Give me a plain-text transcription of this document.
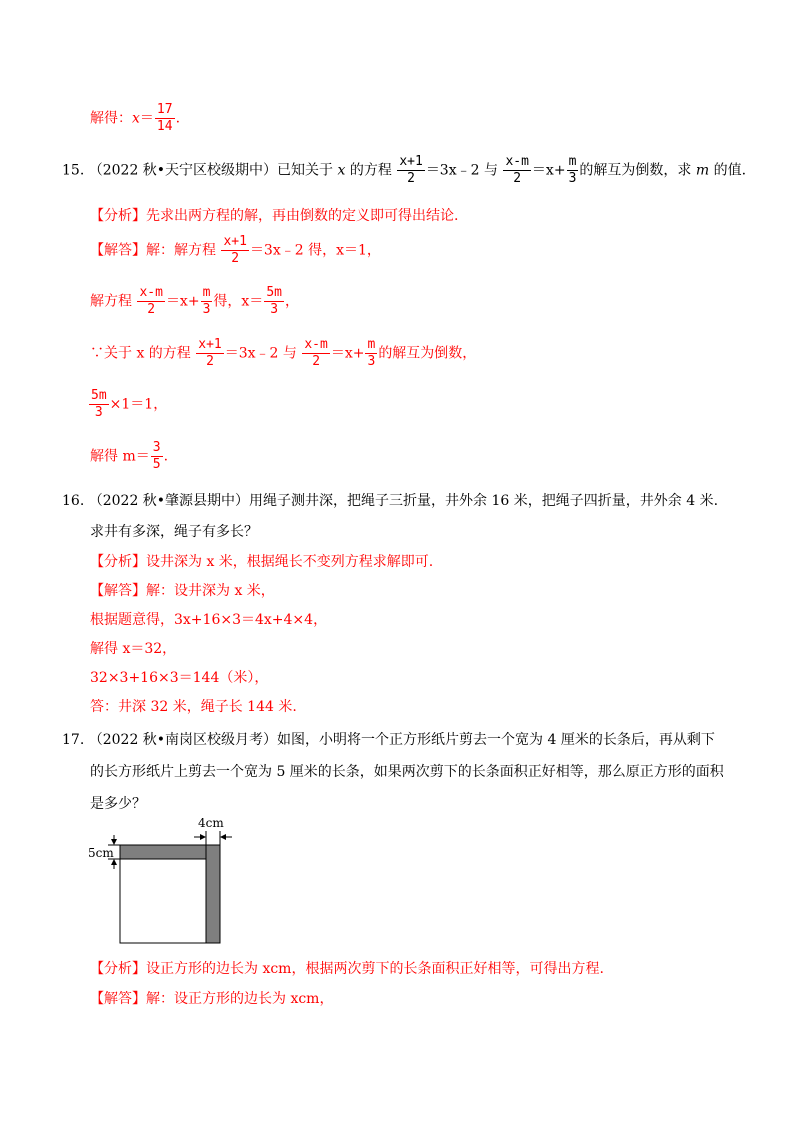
解得：$x= \frac{17}{14}$ .
15. （2022 秋•天宁区校级期中）已知关于 x 的方程 $\frac{x+1}{2}$ ＝3x﹣2 与 $\frac{x-m}{2} =x+ \frac{m}{3}$ 的解互为倒数，求 m 的值.
【分析】先求出两方程的解，再由倒数的定义即可得出结论.
【解答】解：解方程 $\frac{x+1}{2}$ ＝3x﹣2 得，x＝1，
解方程 $\frac{x-m}{2} =x+ \frac{m}{3}$ 得，$x= \frac{5m}{3}$ ，
∵关于 x 的方程 $\frac{x+1}{2}$ ＝3x﹣2 与 $\frac{x-m}{2} =x+ \frac{m}{3}$ 的解互为倒数，
$\frac{5m}{3} \times 1=1$，
解得 $m= \frac{3}{5}$ .
16. （2022 秋•肇源县期中）用绳子测井深，把绳子三折量，井外余 16 米，把绳子四折量，井外余 4 米.
求井有多深，绳子有多长？
【分析】设井深为 x 米，根据绳长不变列方程求解即可.
【解答】解：设井深为 x 米，
根据题意得，3x+16×3＝4x+4×4，
解得 x＝32，
32×3+16×3＝144（米），
答：井深 32 米，绳子长 144 米.
17. （2022 秋•南岗区校级月考）如图，小明将一个正方形纸片剪去一个宽为 4 厘米的长条后，再从剩下
的长方形纸片上剪去一个宽为 5 厘米的长条，如果两次剪下的长条面积正好相等，那么原正方形的面积
是多少？
4cm
5cm
【分析】设正方形的边长为 xcm，根据两次剪下的长条面积正好相等，可得出方程.
【解答】解：设正方形的边长为 xcm，
